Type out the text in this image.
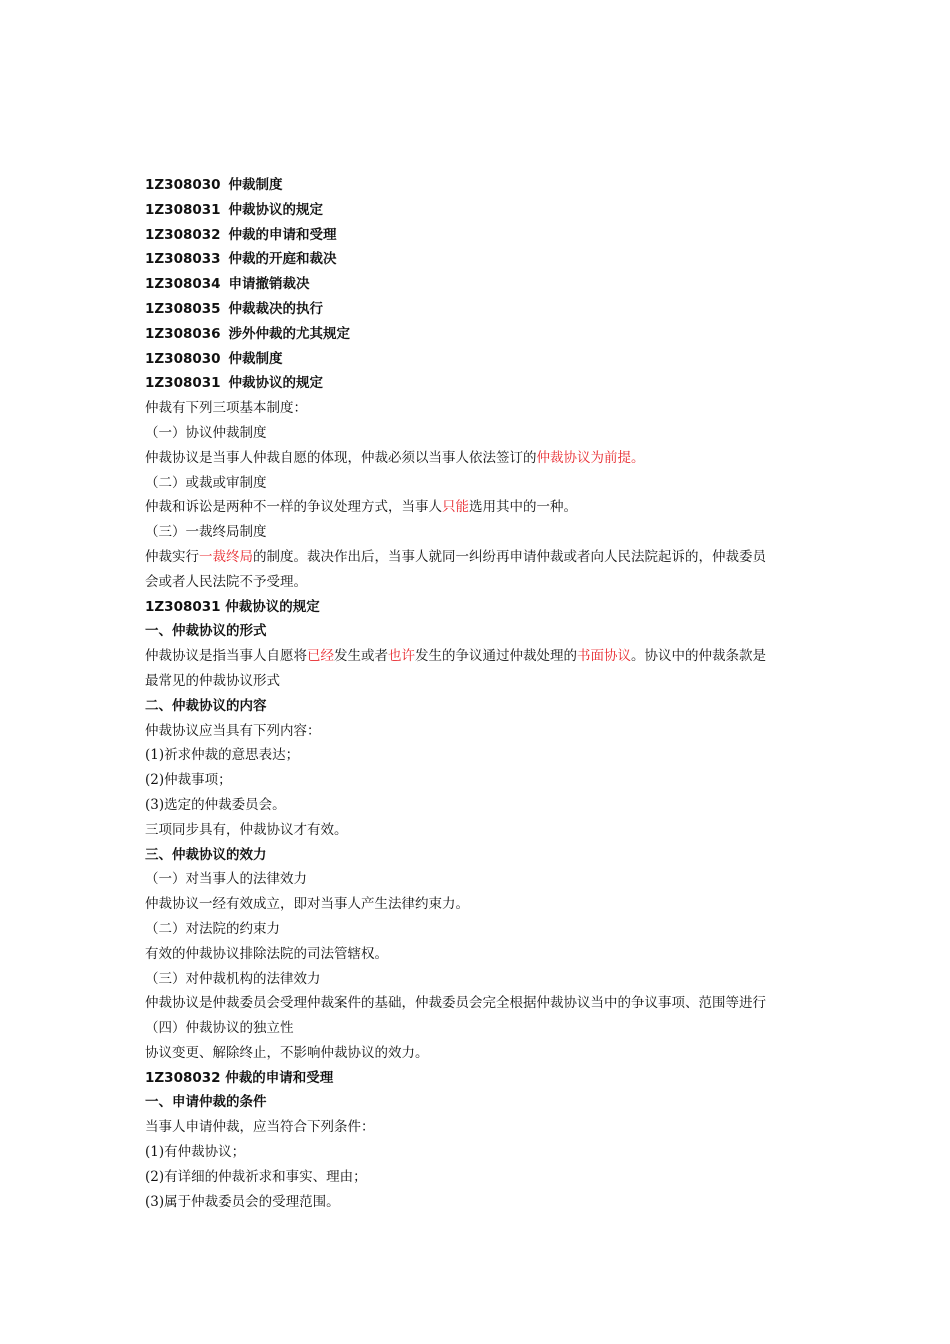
1Z308030 仲裁制度
1Z308031 仲裁协议的规定
1Z308032 仲裁的申请和受理
1Z308033 仲裁的开庭和裁决
1Z308034 申请撤销裁决
1Z308035 仲裁裁决的执行
1Z308036 涉外仲裁的尤其规定
1Z308030 仲裁制度
1Z308031 仲裁协议的规定
仲裁有下列三项基本制度：
（一）协议仲裁制度
仲裁协议是当事人仲裁自愿的体现，仲裁必须以当事人依法签订的仲裁协议为前提。
（二）或裁或审制度
仲裁和诉讼是两种不一样的争议处理方式，当事人只能选用其中的一种。
（三）一裁终局制度
仲裁实行一裁终局的制度。裁决作出后，当事人就同一纠纷再申请仲裁或者向人民法院起诉的，仲裁委员
会或者人民法院不予受理。
1Z308031 仲裁协议的规定
一、仲裁协议的形式
仲裁协议是指当事人自愿将已经发生或者也许发生的争议通过仲裁处理的书面协议。协议中的仲裁条款是
最常见的仲裁协议形式
二、仲裁协议的内容
仲裁协议应当具有下列内容：
(1)祈求仲裁的意思表达；
(2)仲裁事项；
(3)选定的仲裁委员会。
三项同步具有，仲裁协议才有效。
三、仲裁协议的效力
（一）对当事人的法律效力
仲裁协议一经有效成立，即对当事人产生法律约束力。
（二）对法院的约束力
有效的仲裁协议排除法院的司法管辖权。
（三）对仲裁机构的法律效力
仲裁协议是仲裁委员会受理仲裁案件的基础，仲裁委员会完全根据仲裁协议当中的争议事项、范围等进行
（四）仲裁协议的独立性
协议变更、解除终止，不影响仲裁协议的效力。
1Z308032 仲裁的申请和受理
一、申请仲裁的条件
当事人申请仲裁，应当符合下列条件：
(1)有仲裁协议；
(2)有详细的仲裁祈求和事实、理由；
(3)属于仲裁委员会的受理范围。
